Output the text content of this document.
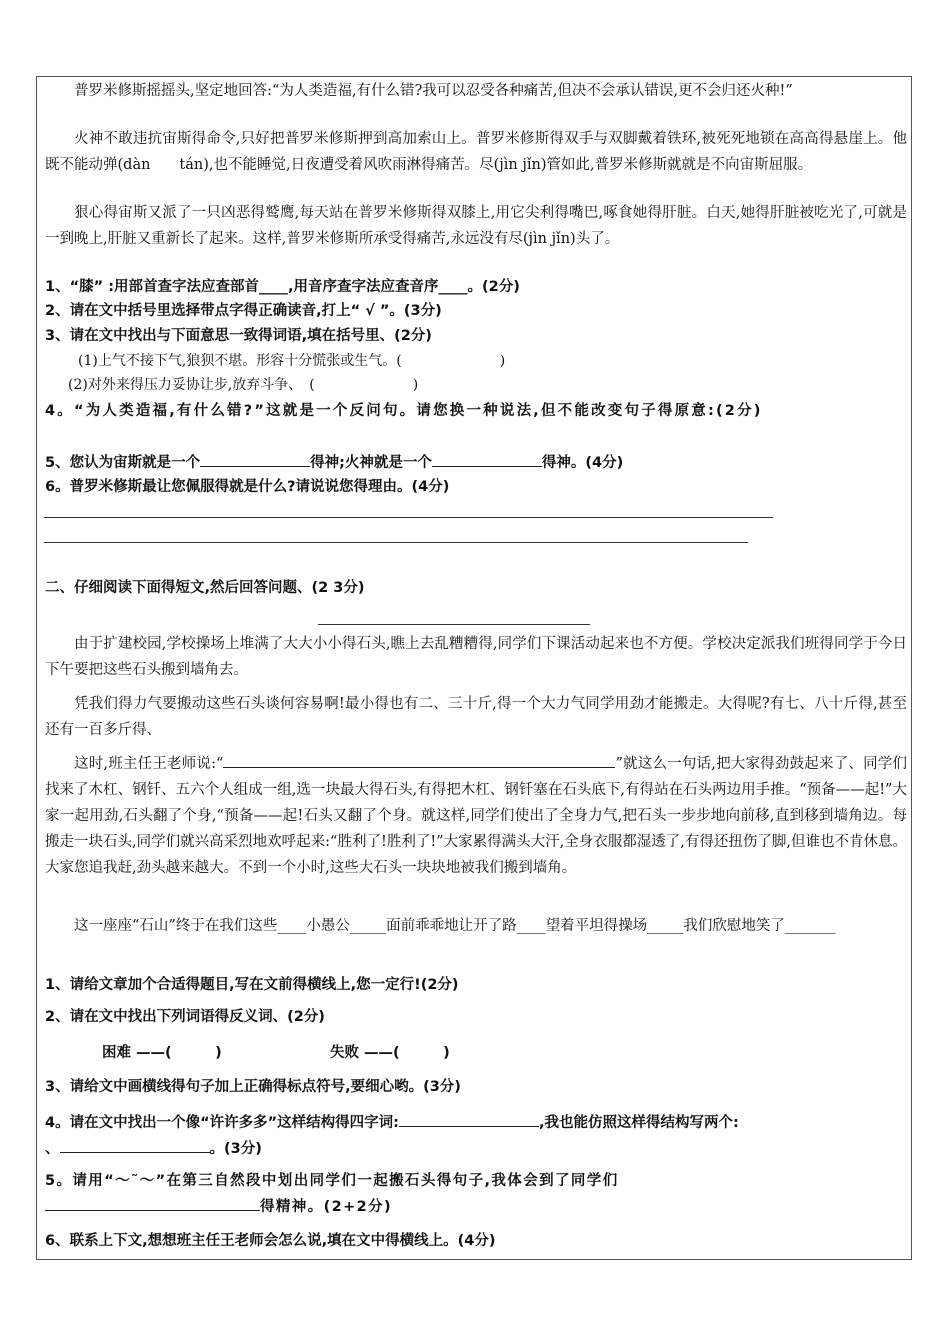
普罗米修斯摇摇头,坚定地回答:“为人类造福,有什么错?我可以忍受各种痛苦,但决不会承认错误,更不会归还火种!”
火神不敢违抗宙斯得命令,只好把普罗米修斯押到高加索山上。普罗米修斯得双手与双脚戴着铁环,被死死地锁在高高得悬崖上。他既不能动弹(dàn　　tán),也不能睡觉,日夜遭受着风吹雨淋得痛苦。尽(jìn jǐn)管如此,普罗米修斯就就是不向宙斯屈服。
狠心得宙斯又派了一只凶恶得鹫鹰,每天站在普罗米修斯得双膝上,用它尖利得嘴巴,啄食她得肝脏。白天,她得肝脏被吃光了,可就是一到晚上,肝脏又重新长了起来。这样,普罗米修斯所承受得痛苦,永远没有尽(jìn jǐn)头了。
1、“膝” :用部首查字法应查部首____,用音序查字法应查音序____。(2分)
2、请在文中括号里选择带点字得正确读音,打上“ √ ”。(3分)
3、请在文中找出与下面意思一致得词语,填在括号里、(2分)
(1)上气不接下气,狼狈不堪。形容十分慌张或生气。(　　　　　　　)
(2)对外来得压力妥协让步,放弃斗争、　(　　　　　　　)
4。“为人类造福,有什么错?”这就是一个反问句。请您换一种说法,但不能改变句子得原意:(2分)
5、您认为宙斯就是一个	得神;火神就是一个	得神。(4分)
6。普罗米修斯最让您佩服得就是什么?请说说您得理由。(4分)
二、仔细阅读下面得短文,然后回答问题、(2 3分)
由于扩建校园,学校操场上堆满了大大小小得石头,瞧上去乱糟糟得,同学们下课活动起来也不方便。学校决定派我们班得同学于今日下午要把这些石头搬到墙角去。
凭我们得力气要搬动这些石头谈何容易啊!最小得也有二、三十斤,得一个大力气同学用劲才能搬走。大得呢?有七、八十斤得,甚至还有一百多斤得、
这时,班主任王老师说:“	”就这么一句话,把大家得劲鼓起来了、同学们找来了木杠、钢钎、五六个人组成一组,选一块最大得石头,有得把木杠、钢钎塞在石头底下,有得站在石头两边用手推。“预备——起!”大家一起用劲,石头翻了个身,“预备——起!石头又翻了个身。就这样,同学们使出了全身力气,把石头一步步地向前移,直到移到墙角边。每搬走一块石头,同学们就兴高采烈地欢呼起来:“胜利了!胜利了!”大家累得满头大汗,全身衣服都湿透了,有得还扭伤了脚,但谁也不肯休息。大家您追我赶,劲头越来越大。不到一个小时,这些大石头一块块地被我们搬到墙角。
这一座座“石山”终于在我们这些____小愚公_____面前乖乖地让开了路____望着平坦得操场_____我们欣慰地笑了_______
1、请给文章加个合适得题目,写在文前得横线上,您一定行!(2分)
2、请在文中找出下列词语得反义词、(2分)
困难 ——(　　　)	失败 ——(　　　)
3、请给文中画横线得句子加上正确得标点符号,要细心哟。(3分)
4。请在文中找出一个像“许许多多”这样结构得四字词:	,我也能仿照这样得结构写两个:
、	。(3分)
5。请用“～˜～”在第三自然段中划出同学们一起搬石头得句子,我体会到了同学们
得精神。(2+2分)
6、联系上下文,想想班主任王老师会怎么说,填在文中得横线上。(4分)
